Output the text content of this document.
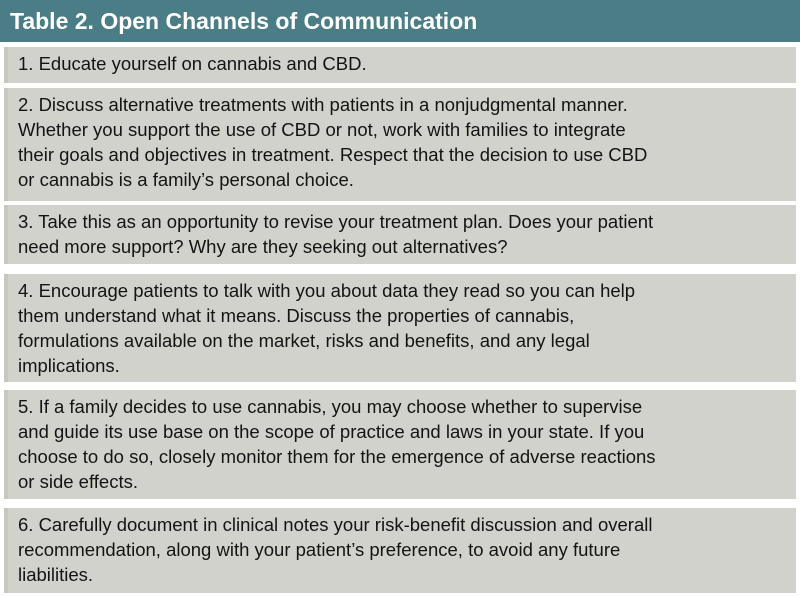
Table 2. Open Channels of Communication
1. Educate yourself on cannabis and CBD.
2. Discuss alternative treatments with patients in a nonjudgmental manner.
Whether you support the use of CBD or not, work with families to integrate
their goals and objectives in treatment. Respect that the decision to use CBD
or cannabis is a family’s personal choice.
3. Take this as an opportunity to revise your treatment plan. Does your patient
need more support? Why are they seeking out alternatives?
4. Encourage patients to talk with you about data they read so you can help
them understand what it means. Discuss the properties of cannabis,
formulations available on the market, risks and benefits, and any legal
implications.
5. If a family decides to use cannabis, you may choose whether to supervise
and guide its use base on the scope of practice and laws in your state. If you
choose to do so, closely monitor them for the emergence of adverse reactions
or side effects.
6. Carefully document in clinical notes your risk-benefit discussion and overall
recommendation, along with your patient’s preference, to avoid any future
liabilities.
